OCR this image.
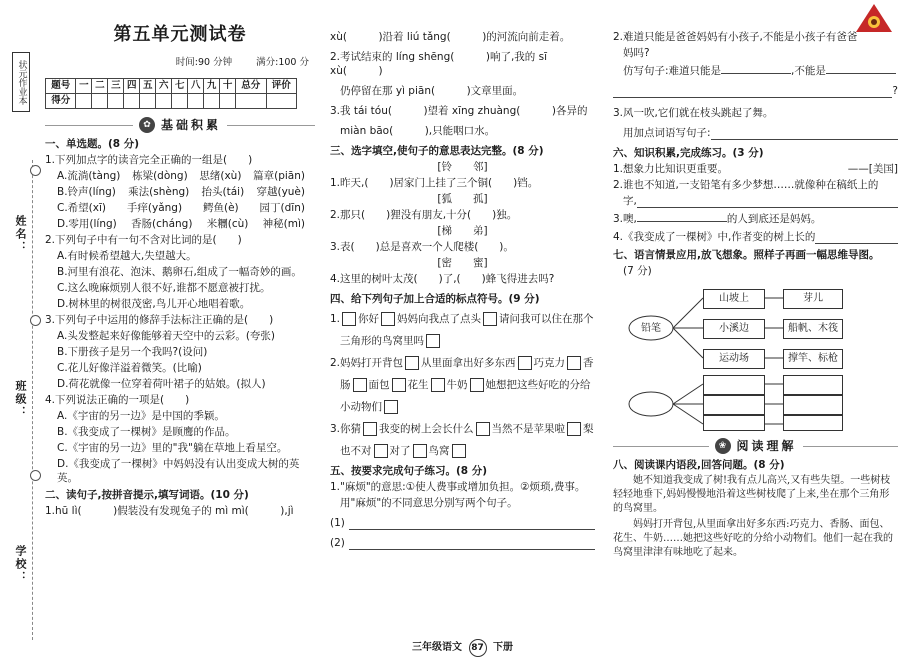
状元作业本
姓名：
班级：
学校：
第五单元测试卷
时间:90 分钟	满分:100 分
题号	一	二	三	四	五	六	七	八	九	十	总分	评价
得分												
✿ 基础积累
一、单选题。(8 分)
1.下列加点字的读音完全正确的一组是(　　)
A.流淌(tàng) 栋梁(dòng) 思绪(xù) 篇章(piān)
B.铃声(líng) 乘法(shèng) 抬头(tái) 穿越(yuè)
C.希望(xī) 手痒(yǎng) 鳄鱼(è) 园丁(dīn)
D.零用(líng) 香肠(cháng) 米糰(cù) 神秘(mì)
2.下列句子中有一句不含对比词的是(　　)
A.有时候希望越大,失望越大。
B.河里有浪花、泡沫、鹅卵石,组成了一幅奇妙的画。
C.这么晚麻烦别人很不好,谁都不愿意被打扰。
D.树林里的树很茂密,鸟儿开心地唱着歌。
3.下列句子中运用的修辞手法标注正确的是(　　)
A.头发整起来好像能够着天空中的云彩。(夸张)
B.下册孩子是另一个我吗?(设问)
C.花儿好像洋溢着微笑。(比喻)
D.荷花就像一位穿着荷叶裙子的姑娘。(拟人)
4.下列说法正确的一项是(　　)
A.《宇宙的另一边》是中国的季颖。
B.《我变成了一棵树》是顾鹰的作品。
C.《宇宙的另一边》里的"我"躺在草地上看星空。
D.《我变成了一棵树》中妈妈没有认出变成大树的英英。
二、读句子,按拼音提示,填写词语。(10 分)
1.hū lì(　　　)假装没有发现兔子的 mì mì(　　　),jì
xù(　　　)沿着 liú tǎng(　　　)的河流向前走着。
2.考试结束的 líng shēng(　　　)响了,我的 sī xù(　　　)
仍停留在那 yì piān(　　　)文章里面。
3.我 tái tóu(　　　)望着 xīng zhuàng(　　　)各异的
miàn bāo(　　　),只能咽口水。
三、选字填空,使句子的意思表达完整。(8 分)
[铃　　邻]
1.昨天,(　　)居家门上挂了三个铜(　　)铛。
[狐　　孤]
2.那只(　　)狸没有朋友,十分(　　)独。
[梯　　弟]
3.表(　　)总是喜欢一个人爬楼(　　)。
[密　　蜜]
4.这里的树叶太茂(　　)了,(　　)蜂飞得进去吗?
四、给下列句子加上合适的标点符号。(9 分)
1. 你好 妈妈向我点了点头 请问我可以住在那个
三角形的鸟窝里吗
2.妈妈打开背包 从里面拿出好多东西 巧克力 香
肠 面包 花生 牛奶 她想把这些好吃的分给
小动物们
3.你猜 我变的树上会长什么 当然不是苹果啦 梨
也不对 对了 鸟窝
五、按要求完成句子练习。(8 分)
1."麻烦"的意思:①使人费事或增加负担。②烦琐,费事。
用"麻烦"的不同意思分别写两个句子。
(1)
(2)
三年级语文 87 下册
2.难道只能是爸爸妈妈有小孩子,不能是小孩子有爸爸
妈吗?
仿写句子:难道只能是	,不能是
?
3.风一吹,它们就在枝头跳起了舞。
用加点词语写句子:
六、知识积累,完成练习。(3 分)
1.想象力比知识更重要。	——[美国]
2.谁也不知道,一支铅笔有多少梦想……就像种在稿纸上的
字,
3.噢,	的人到底还是妈妈。
4.《我变成了一棵树》中,作者变的树上长的
七、语言情景应用,放飞想象。照样子再画一幅思维导图。
(7 分)
铅笔
山坡上	芽儿
小溪边	船帆、木筏
运动场	撑竿、标枪
❀ 阅读理解
八、阅读课内语段,回答问题。(8 分)
她不知道我变成了树!我有点儿高兴,又有些失望。一些树枝轻轻地垂下,妈妈慢慢地沿着这些树枝爬了上来,坐在那个三角形的鸟窝里。
妈妈打开背包,从里面拿出好多东西:巧克力、香肠、面包、花生、牛奶……她把这些好吃的分给小动物们。他们一起在我的鸟窝里津津有味地吃了起来。
